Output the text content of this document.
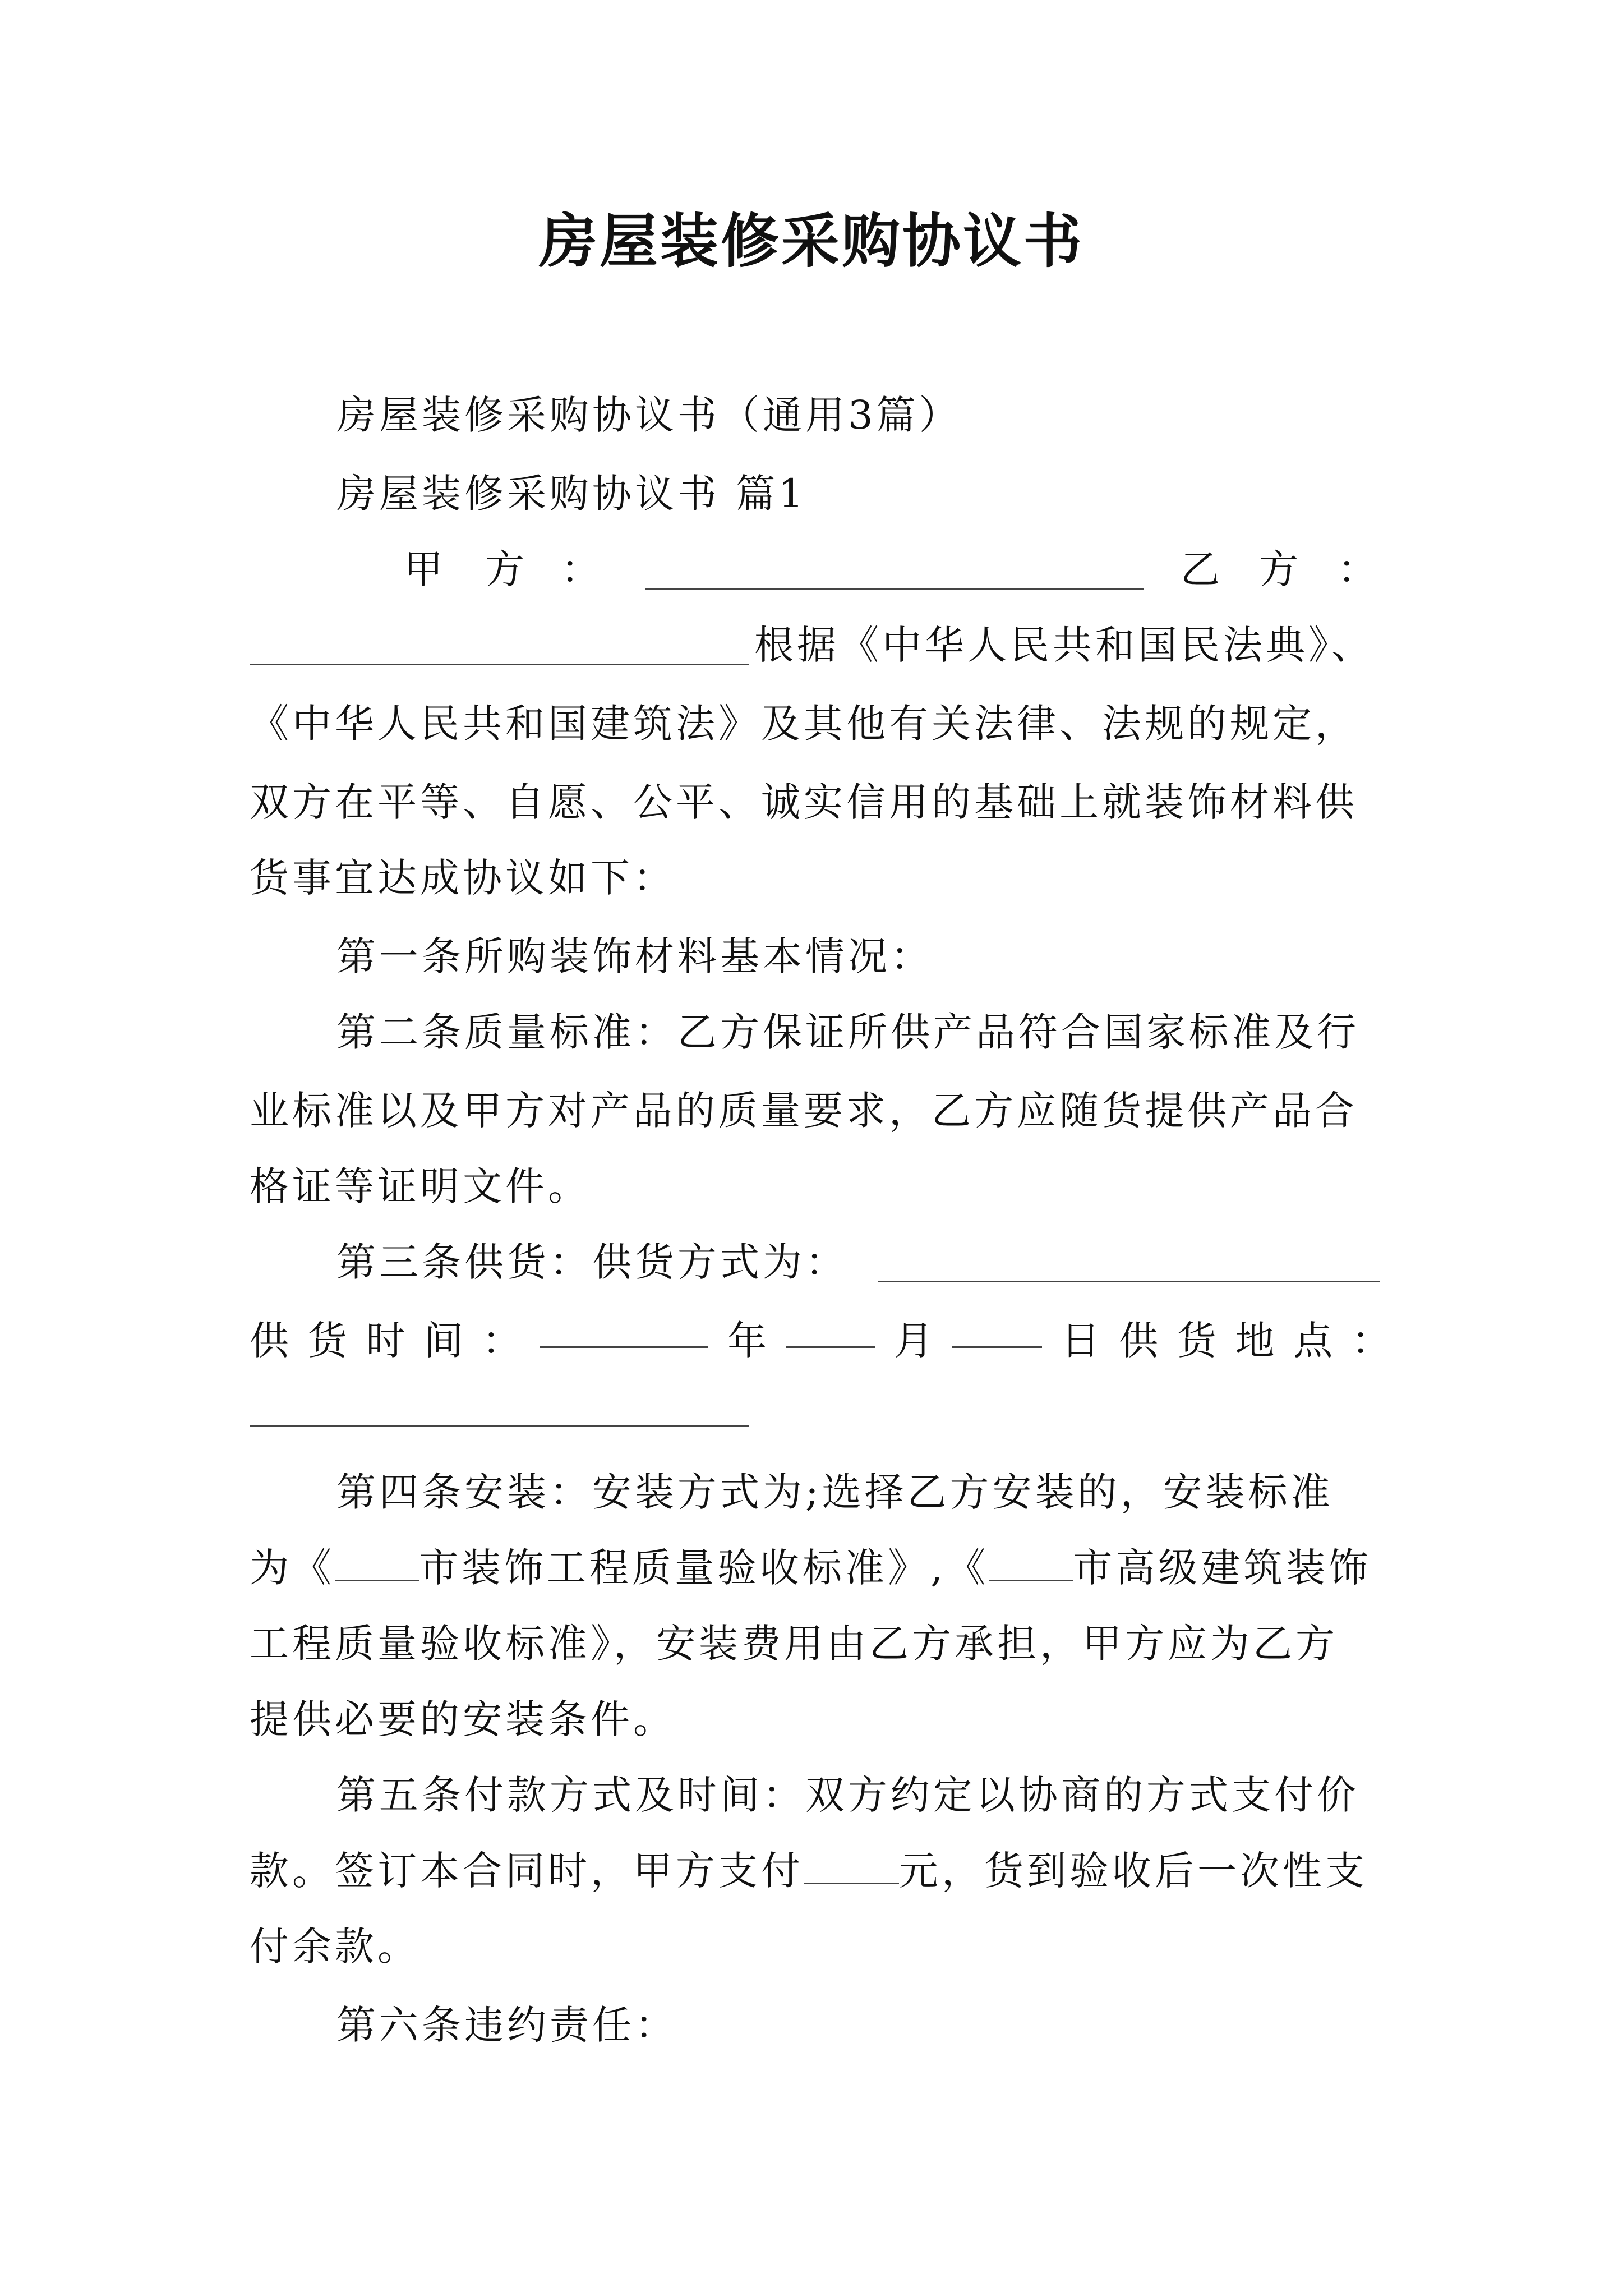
房屋装修采购协议书
房屋装修采购协议书（通用3篇）
房屋装修采购协议书 篇1
甲 方 ：	乙 方 ：
根据《中华人民共和国民法典》、
《中华人民共和国建筑法》及其他有关法律、法规的规定，
双方在平等、自愿、公平、诚实信用的基础上就装饰材料供
货事宜达成协议如下：
第一条所购装饰材料基本情况：
第二条质量标准：乙方保证所供产品符合国家标准及行
业标准以及甲方对产品的质量要求，乙方应随货提供产品合
格证等证明文件。
第三条供货：供货方式为：
供 货 时 间 ：	年	月	日 供 货 地 点 ：
第四条安装：安装方式为;选择乙方安装的，安装标准
为《 市装饰工程质量验收标准》,《 市高级建筑装饰
工程质量验收标准》，安装费用由乙方承担，甲方应为乙方
提供必要的安装条件。
第五条付款方式及时间：双方约定以协商的方式支付价
款。签订本合同时，甲方支付 元，货到验收后一次性支
付余款。
第六条违约责任：
